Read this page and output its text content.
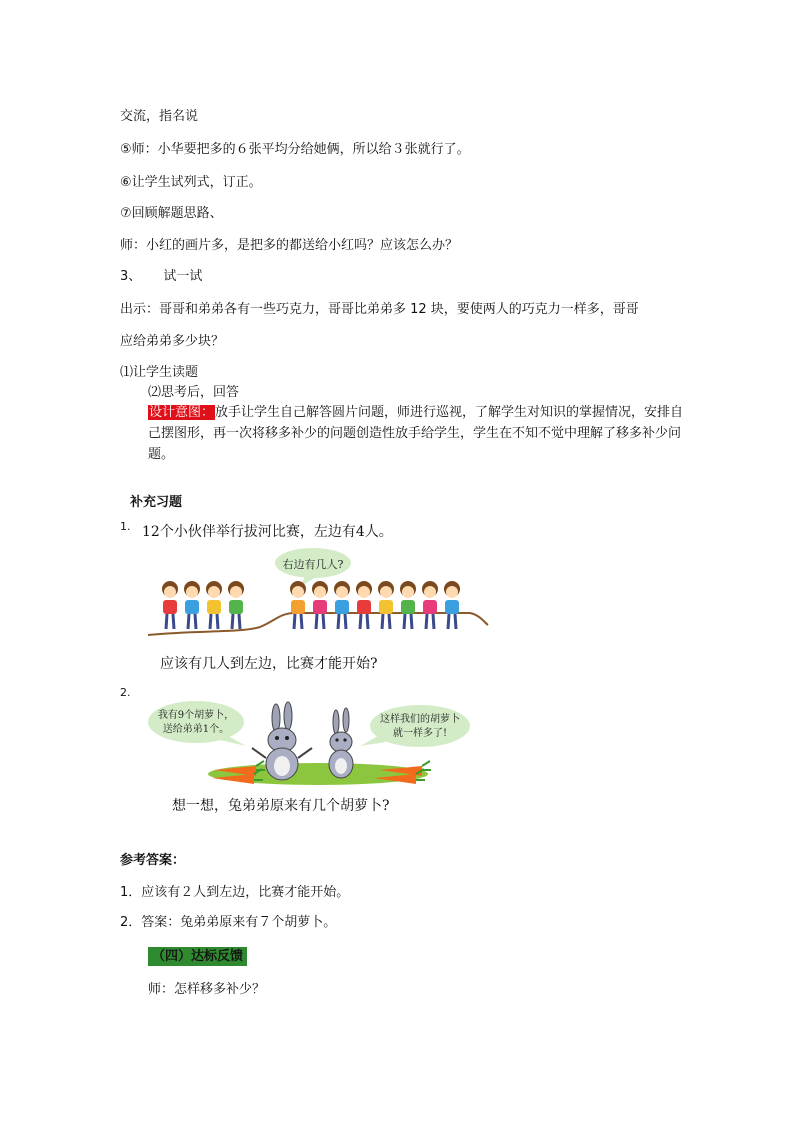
交流，指名说
⑤师：小华要把多的６张平均分给她俩，所以给３张就行了。
⑥让学生试列式，订正。
⑦回顾解题思路、
师：小红的画片多，是把多的都送给小红吗？应该怎么办？
3、 试一试
出示：哥哥和弟弟各有一些巧克力，哥哥比弟弟多 12 块，要使两人的巧克力一样多，哥哥
应给弟弟多少块？
⑴让学生读题
⑵思考后，回答
设计意图：放手让学生自己解答圆片问题，师进行巡视，了解学生对知识的掌握情况，安排自己摆图形，再一次将移多补少的问题创造性放手给学生，学生在不知不觉中理解了移多补少问题。
补充习题
1. 12个小伙伴举行拔河比赛，左边有4人。
右边有几人?
应该有几人到左边，比赛才能开始?
2.
我有9个胡萝卜，
送给弟弟1个。
这样我们的胡萝卜
就一样多了!
想一想，兔弟弟原来有几个胡萝卜?
参考答案：
1．应该有２人到左边，比赛才能开始。
2．答案：兔弟弟原来有７个胡萝卜。
（四）达标反馈
师：怎样移多补少？
